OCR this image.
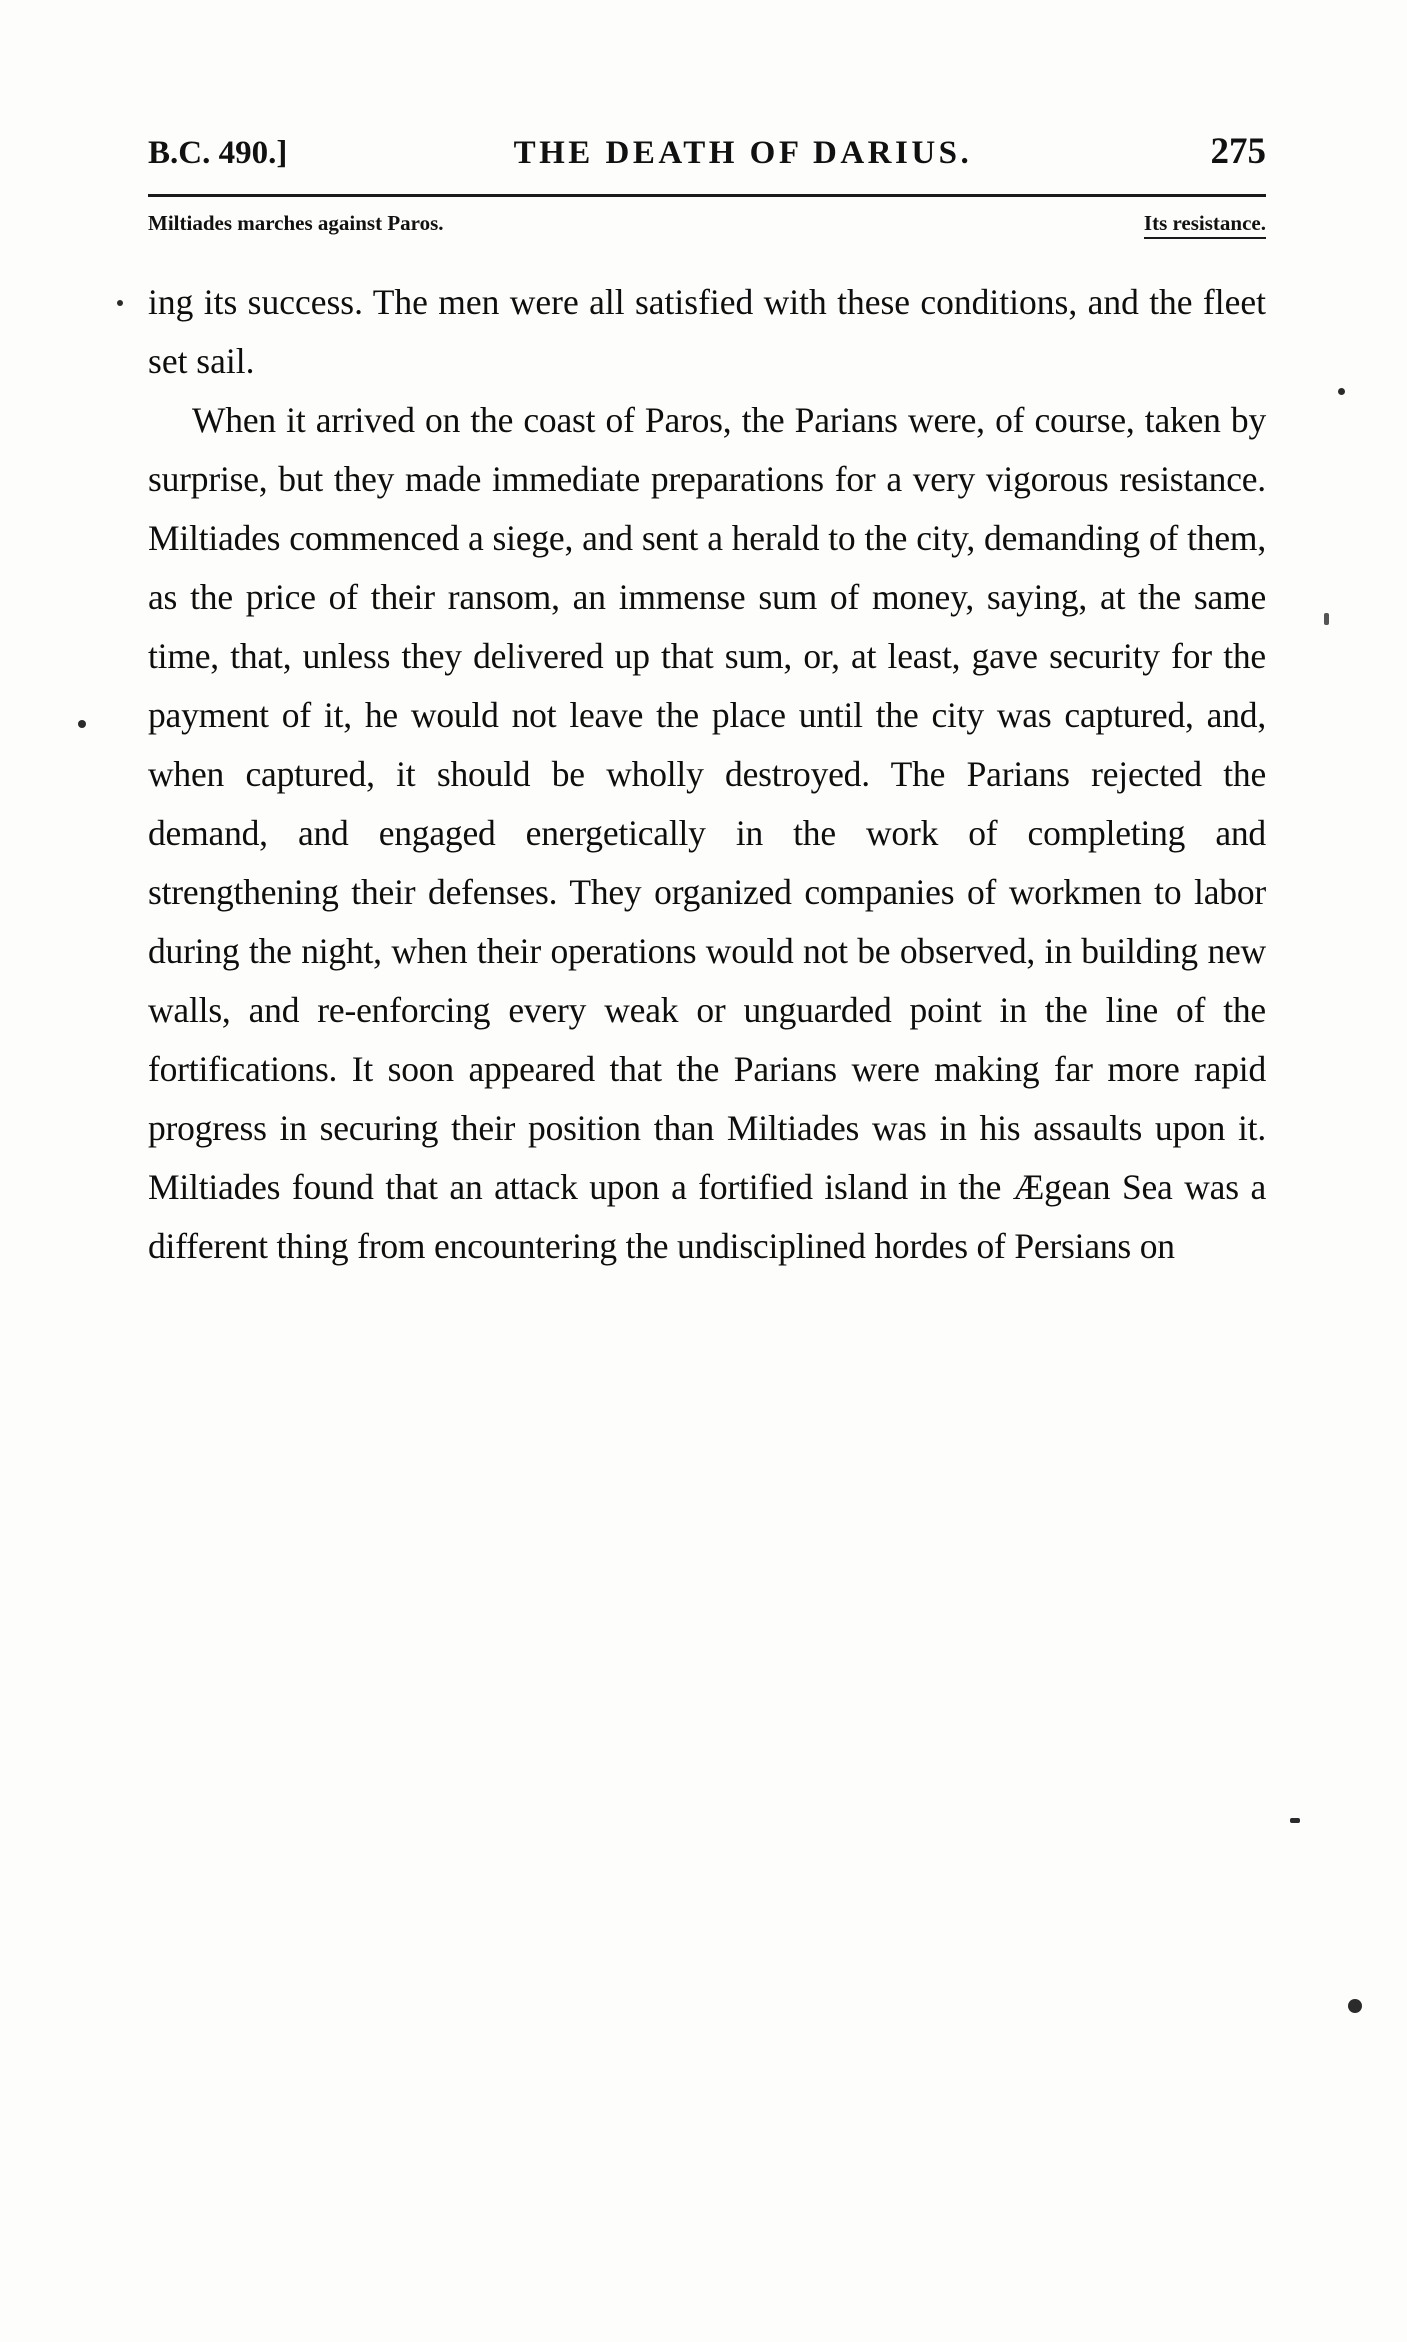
B.C. 490.]	THE DEATH OF DARIUS.	275
Miltiades marches against Paros.	Its resistance.

ing its success. The men were all satisfied with these conditions, and the fleet set sail.

When it arrived on the coast of Paros, the Parians were, of course, taken by surprise, but they made immediate preparations for a very vigorous resistance. Miltiades commenced a siege, and sent a herald to the city, demanding of them, as the price of their ransom, an immense sum of money, saying, at the same time, that, unless they delivered up that sum, or, at least, gave security for the payment of it, he would not leave the place until the city was captured, and, when captured, it should be wholly destroyed. The Parians rejected the demand, and engaged energetically in the work of completing and strengthening their defenses. They organized companies of workmen to labor during the night, when their operations would not be observed, in building new walls, and re-enforcing every weak or unguarded point in the line of the fortifications. It soon appeared that the Parians were making far more rapid progress in securing their position than Miltiades was in his assaults upon it. Miltiades found that an attack upon a fortified island in the Ægean Sea was a different thing from encountering the undisciplined hordes of Persians on
